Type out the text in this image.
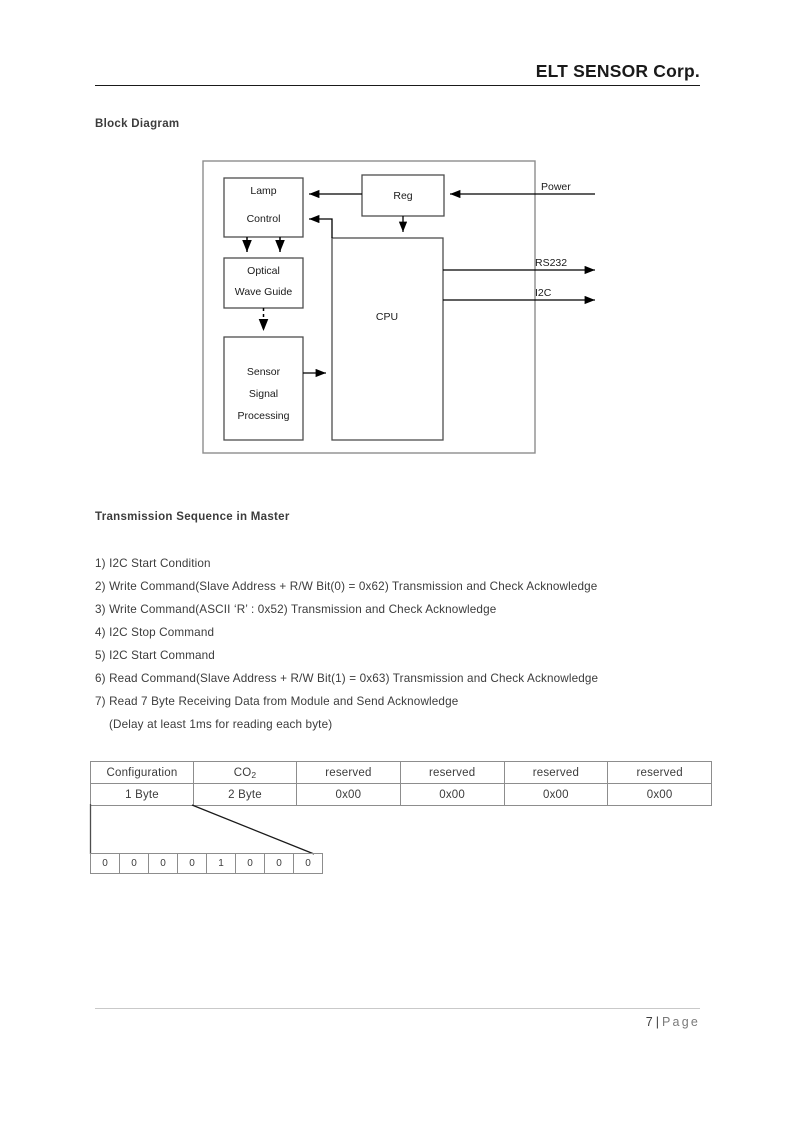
ELT SENSOR Corp.
Block Diagram
Lamp
Control
Optical
Wave Guide
Sensor
Signal
Processing
Reg
CPU
Power
RS232
I2C
Transmission Sequence in Master
1) I2C Start Condition
2) Write Command(Slave Address + R/W Bit(0) = 0x62) Transmission and Check Acknowledge
3) Write Command(ASCII ‘R’ : 0x52) Transmission and Check Acknowledge
4) I2C Stop Command
5) I2C Start Command
6) Read Command(Slave Address + R/W Bit(1) = 0x63) Transmission and Check Acknowledge
7) Read 7 Byte Receiving Data from Module and Send Acknowledge
(Delay at least 1ms for reading each byte)
Configuration	$CO_2$	reserved	reserved	reserved	reserved
1 Byte	2 Byte	0x00	0x00	0x00	0x00
0	0	0	0	1	0	0	0
7 | Page
